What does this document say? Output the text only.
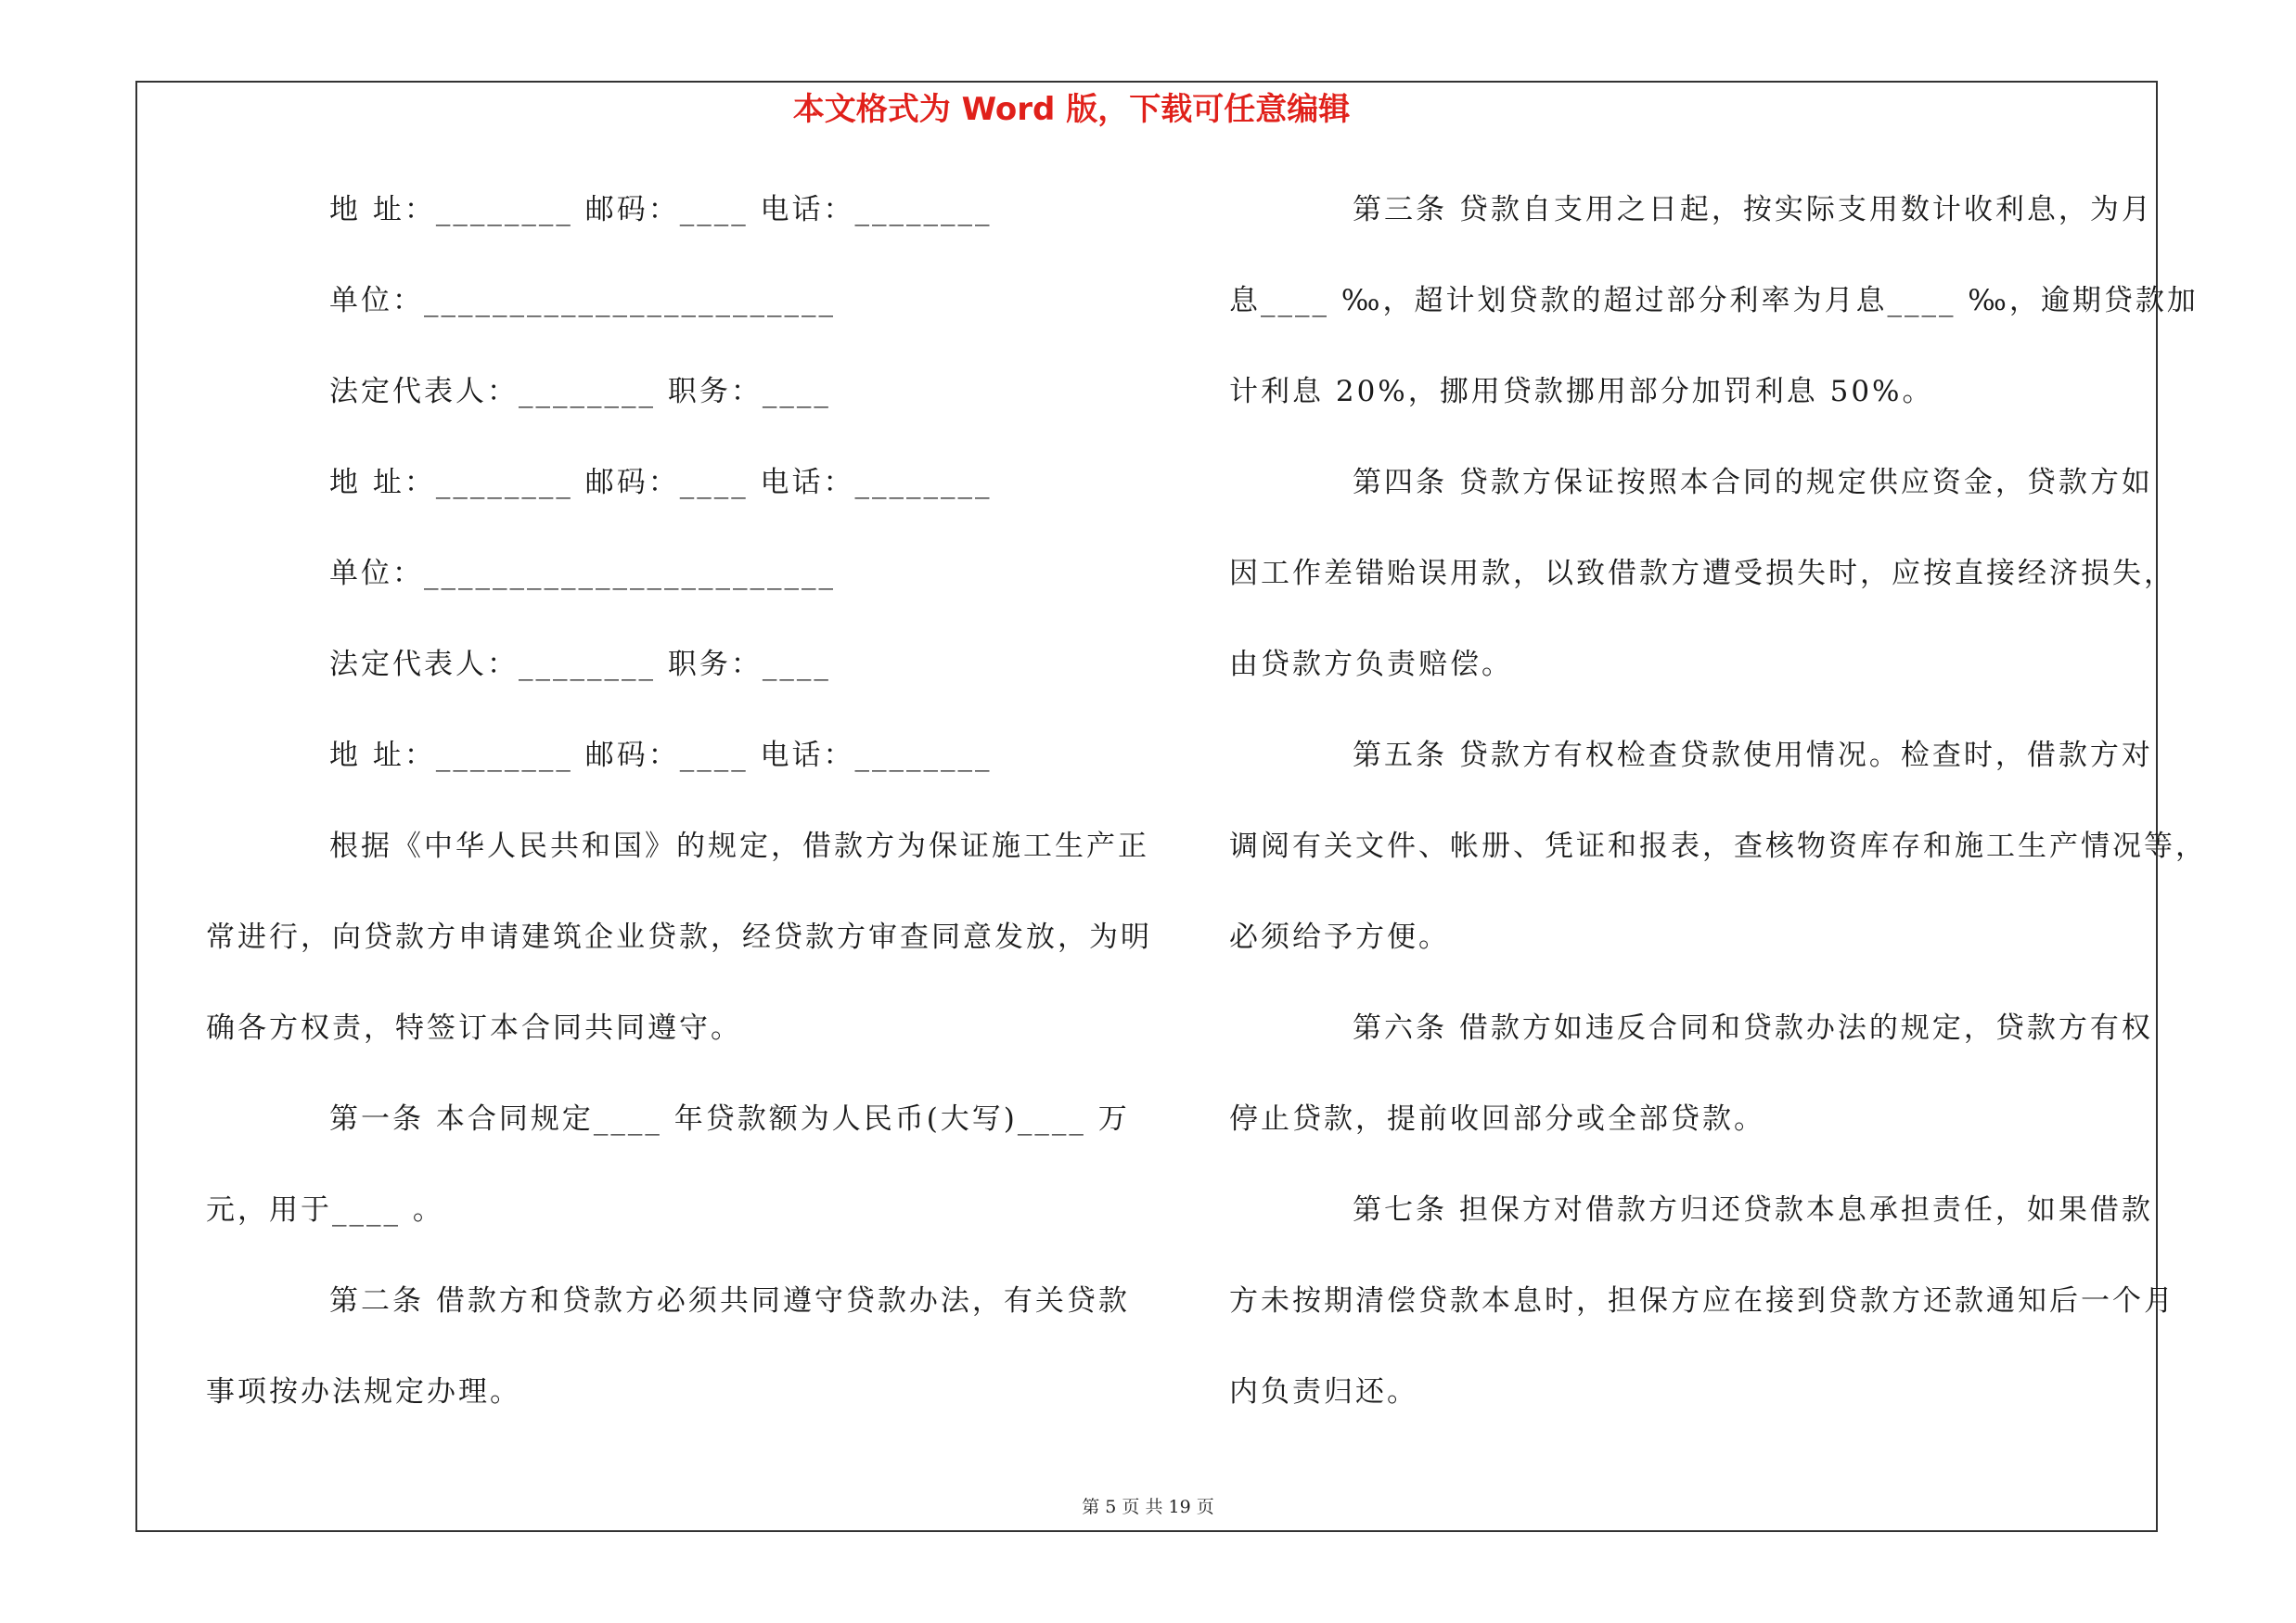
本文格式为 Word 版，下载可任意编辑
地 址：________ 邮码：____ 电话：________
单位：________________________
法定代表人：________ 职务：____
地 址：________ 邮码：____ 电话：________
单位：________________________
法定代表人：________ 职务：____
地 址：________ 邮码：____ 电话：________
根据《中华人民共和国》的规定，借款方为保证施工生产正
常进行，向贷款方申请建筑企业贷款，经贷款方审查同意发放，为明
确各方权责，特签订本合同共同遵守。
第一条 本合同规定____ 年贷款额为人民币(大写)____ 万
元，用于____ 。
第二条 借款方和贷款方必须共同遵守贷款办法，有关贷款
事项按办法规定办理。
第三条 贷款自支用之日起，按实际支用数计收利息，为月
息____ ‰，超计划贷款的超过部分利率为月息____ ‰，逾期贷款加
计利息 20%，挪用贷款挪用部分加罚利息 50%。
第四条 贷款方保证按照本合同的规定供应资金，贷款方如
因工作差错贻误用款，以致借款方遭受损失时，应按直接经济损失，
由贷款方负责赔偿。
第五条 贷款方有权检查贷款使用情况。检查时，借款方对
调阅有关文件、帐册、凭证和报表，查核物资库存和施工生产情况等，
必须给予方便。
第六条 借款方如违反合同和贷款办法的规定，贷款方有权
停止贷款，提前收回部分或全部贷款。
第七条 担保方对借款方归还贷款本息承担责任，如果借款
方未按期清偿贷款本息时，担保方应在接到贷款方还款通知后一个月
内负责归还。
第 5 页 共 19 页
